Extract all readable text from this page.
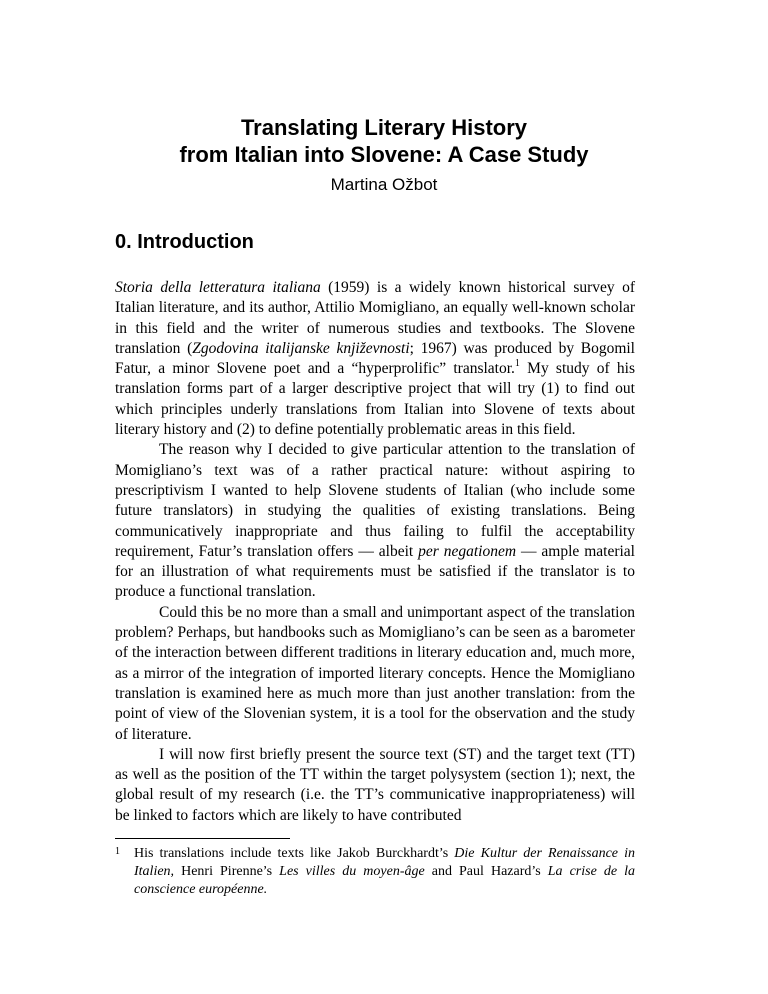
Translating Literary History
from Italian into Slovene: A Case Study
Martina Ožbot
0. Introduction

Storia della letteratura italiana (1959) is a widely known historical survey of Italian literature, and its author, Attilio Momigliano, an equally well-known scholar in this field and the writer of numerous studies and textbooks. The Slovene translation (Zgodovina italijanske književnosti; 1967) was produced by Bogomil Fatur, a minor Slovene poet and a “hyperprolific” translator.$^1$ My study of his translation forms part of a larger descriptive project that will try (1) to find out which principles underly translations from Italian into Slovene of texts about literary history and (2) to define potentially problematic areas in this field.

The reason why I decided to give particular attention to the translation of Momigliano’s text was of a rather practical nature: without aspiring to prescriptivism I wanted to help Slovene students of Italian (who include some future translators) in studying the qualities of existing translations. Being communicatively inappropriate and thus failing to fulfil the acceptability requirement, Fatur’s translation offers — albeit per negationem — ample material for an illustration of what requirements must be satisfied if the translator is to produce a functional translation.

Could this be no more than a small and unimportant aspect of the translation problem? Perhaps, but handbooks such as Momigliano’s can be seen as a barometer of the interaction between different traditions in literary education and, much more, as a mirror of the integration of imported literary concepts. Hence the Momigliano translation is examined here as much more than just another translation: from the point of view of the Slovenian system, it is a tool for the observation and the study of literature.

I will now first briefly present the source text (ST) and the target text (TT) as well as the position of the TT within the target polysystem (section 1); next, the global result of my research (i.e. the TT’s communicative inappropriateness) will be linked to factors which are likely to have contributed

1 His translations include texts like Jakob Burckhardt’s Die Kultur der Renaissance in Italien, Henri Pirenne’s Les villes du moyen-âge and Paul Hazard’s La crise de la conscience européenne.
